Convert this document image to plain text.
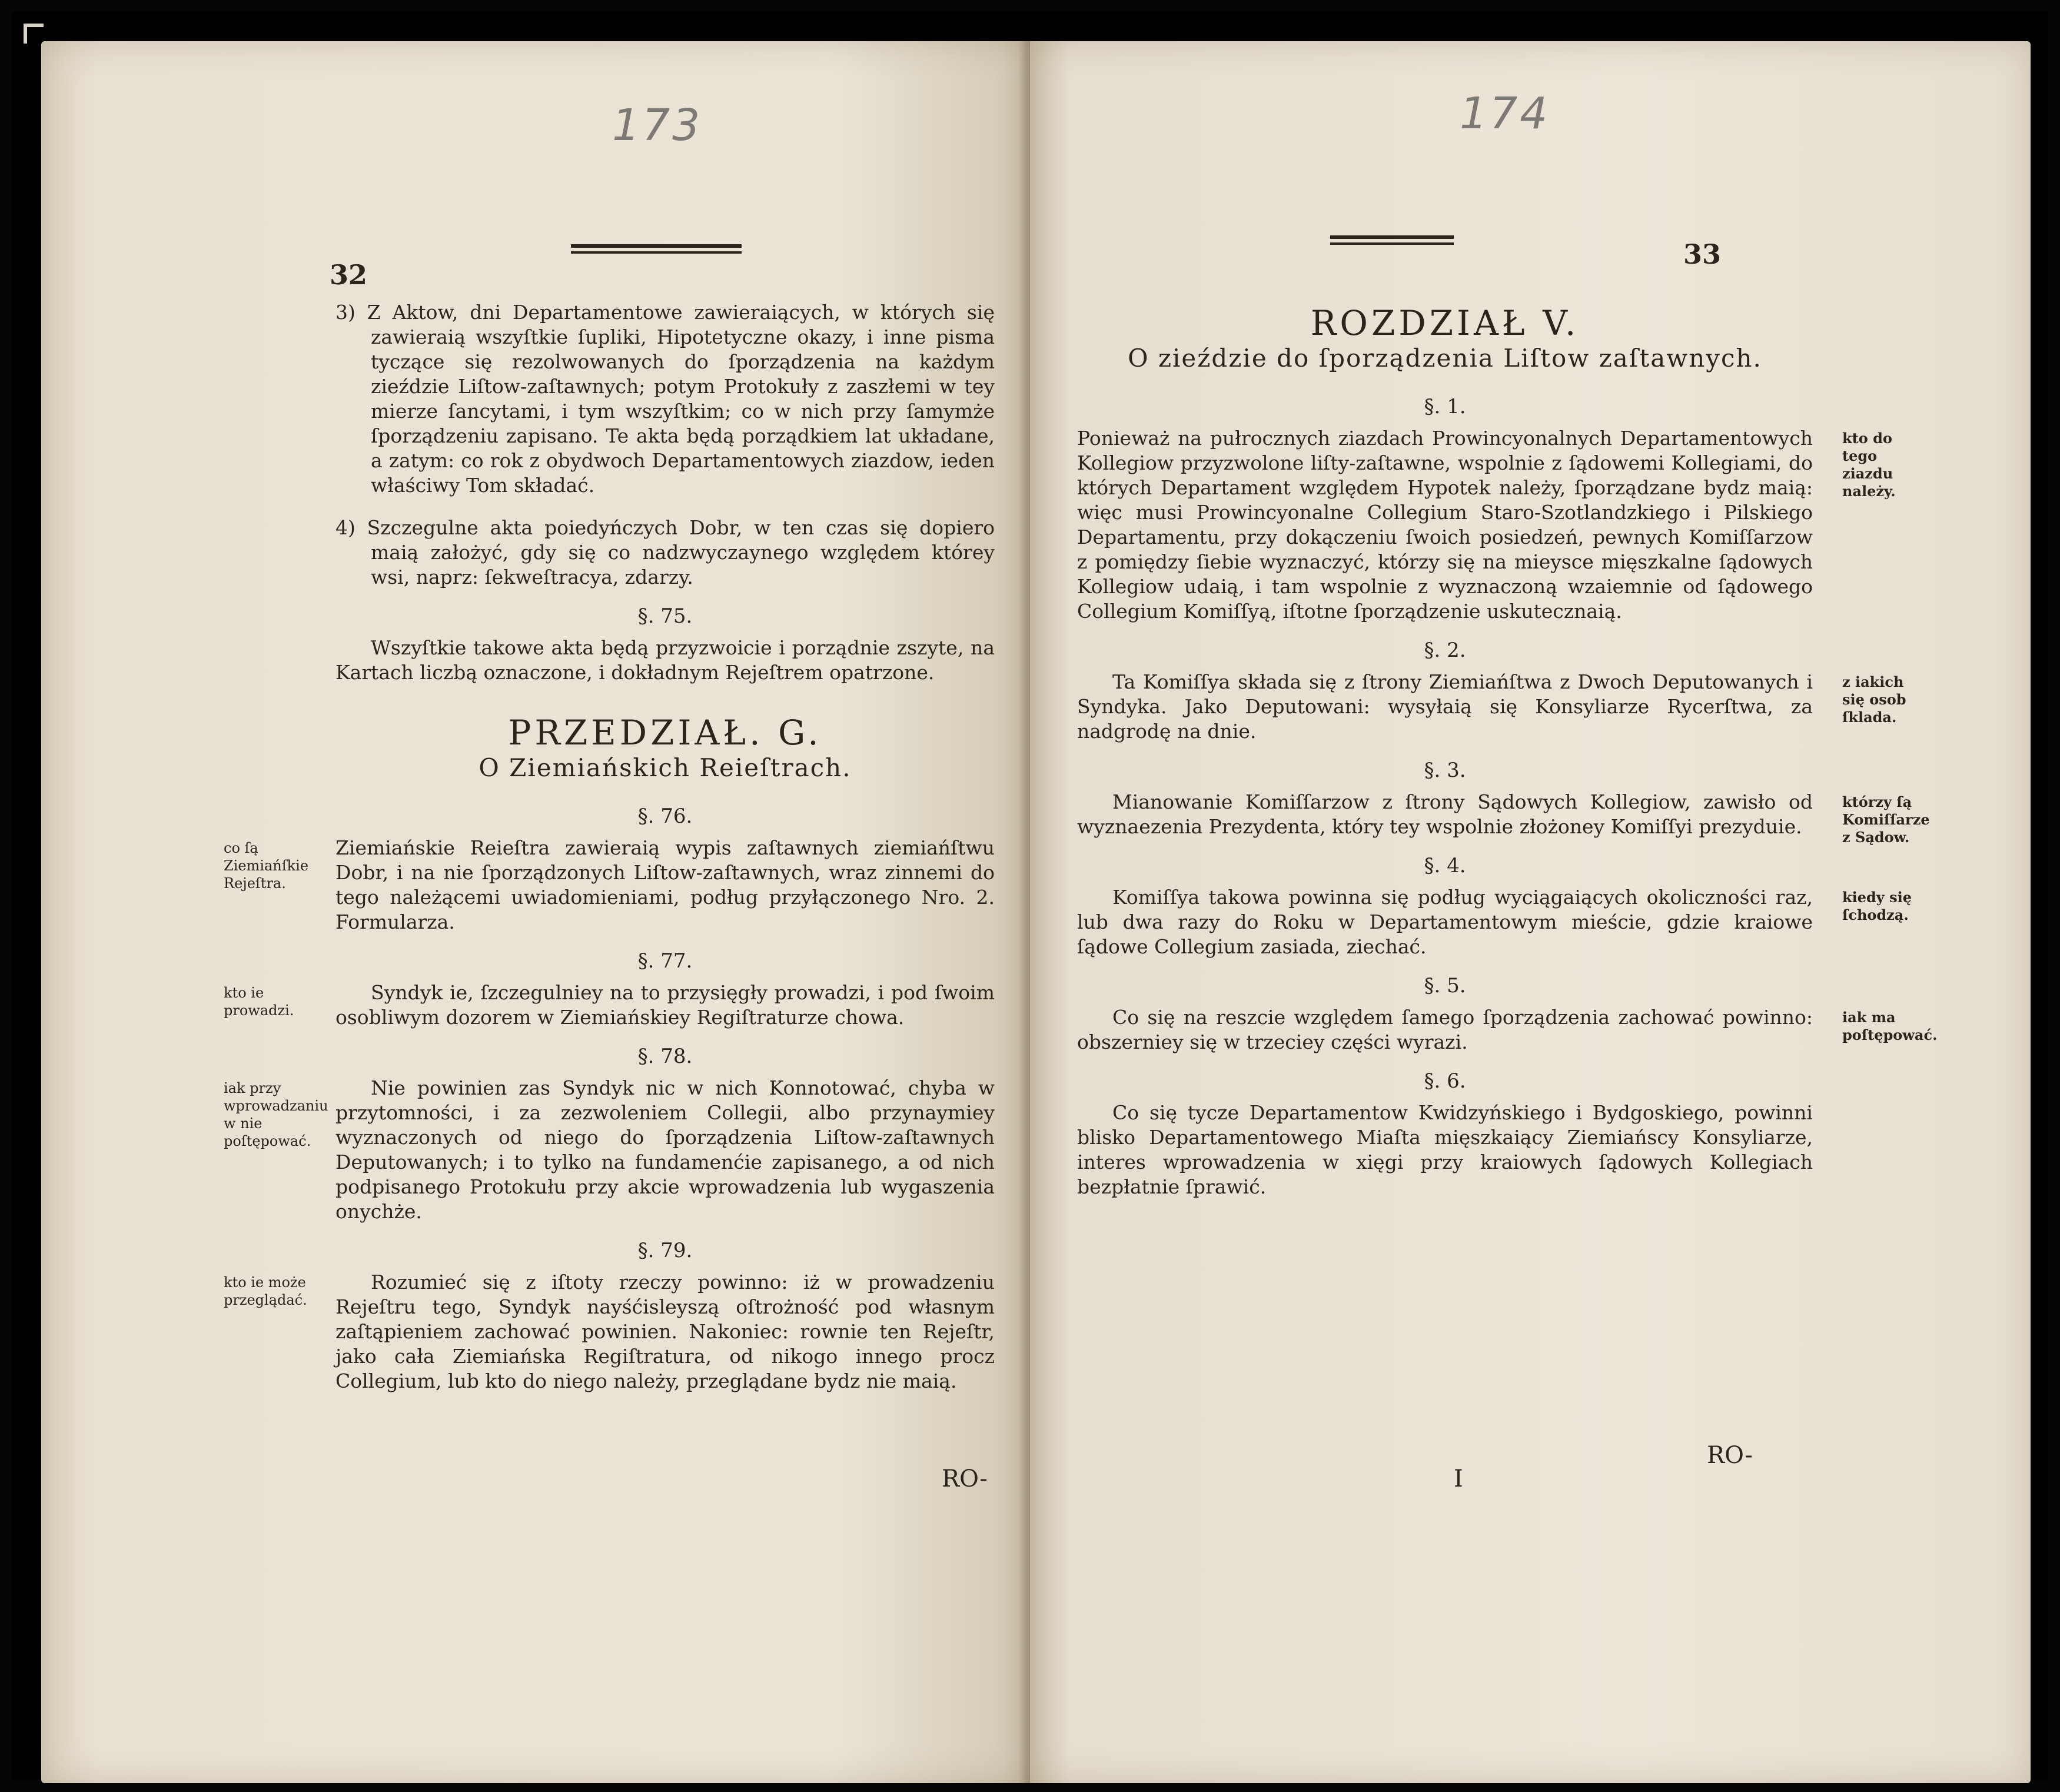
173
32

3) Z Aktow, dni Departamentowe zawieraiących, w których się zawieraią wszyſtkie ſupliki, Hipotetyczne okazy, i inne pisma tyczące się rezolwowanych do ſporządzenia na każdym zieździe Liſtow-zaſtawnych; potym Protokuły z zaszłemi w tey mierze ſancytami, i tym wszyſtkim; co w nich przy ſamymże ſporządzeniu zapisano. Te akta będą porządkiem lat układane, a zatym: co rok z obydwoch Departamentowych ziazdow, ieden właściwy Tom składać.

4) Szczegulne akta poiedyńczych Dobr, w ten czas się dopiero maią założyć, gdy się co nadzwyczaynego względem którey wsi, naprz: ſekweſtracya, zdarzy.

§. 75.

Wszyſtkie takowe akta będą przyzwoicie i porządnie zszyte, na Kartach liczbą oznaczone, i dokładnym Rejeſtrem opatrzone.

PRZEDZIAŁ. G.
O Ziemiańskich Reieſtrach.
§. 76.
co ſą Ziemiańſkie Rejeſtra.

Ziemiańskie Reieſtra zawieraią wypis zaſtawnych ziemiańſtwu Dobr, i na nie ſporządzonych Liſtow-zaſtawnych, wraz zinnemi do tego należącemi uwiadomieniami, podług przyłączonego Nro. 2. Formularza.

§. 77.
kto ie prowadzi.

Syndyk ie, ſzczegulniey na to przysięgły prowadzi, i pod ſwoim osobliwym dozorem w Ziemiańskiey Regiſtraturze chowa.

§. 78.
iak przy wprowadzaniu w nie poſtępować.

Nie powinien zas Syndyk nic w nich Konnotować, chyba w przytomności, i za zezwoleniem Collegii, albo przynaymiey wyznaczonych od niego do ſporządzenia Liſtow-zaſtawnych Deputowanych; i to tylko na fundamenćie zapisanego, a od nich podpisanego Protokułu przy akcie wprowadzenia lub wygaszenia onychże.

§. 79.
kto ie może przeglądać.

Rozumieć się z iſtoty rzeczy powinno: iż w prowadzeniu Rejeſtru tego, Syndyk nayśćisleyszą oſtrożność pod własnym zaſtąpieniem zachować powinien. Nakoniec: rownie ten Rejeſtr, jako cała Ziemiańska Regiſtratura, od nikogo innego procz Collegium, lub kto do niego należy, przeglądane bydz nie maią.

RO-
174
33
ROZDZIAŁ V.
O zieździe do ſporządzenia Liſtow zaſtawnych.
§. 1.
kto do tego ziazdu należy.

Ponieważ na pułrocznych ziazdach Prowincyonalnych Departamentowych Kollegiow przyzwolone liſty-zaſtawne, wspolnie z ſądowemi Kollegiami, do których Departament względem Hypotek należy, ſporządzane bydz maią: więc musi Prowincyonalne Collegium Staro-Szotlandzkiego i Pilskiego Departamentu, przy dokączeniu ſwoich posiedzeń, pewnych Komiſſarzow z pomiędzy ſiebie wyznaczyć, którzy się na mieysce mięszkalne ſądowych Kollegiow udaią, i tam wspolnie z wyznaczoną wzaiemnie od ſądowego Collegium Komiſſyą, iſtotne ſporządzenie uskutecznaią.

§. 2.
z iakich się osob ſklada.

Ta Komiſſya składa się z ſtrony Ziemiańſtwa z Dwoch Deputowanych i Syndyka. Jako Deputowani: wysyłaią się Konsyliarze Rycerſtwa, za nadgrodę na dnie.

§. 3.
którzy ſą Komiſſarze z Sądow.

Mianowanie Komiſſarzow z ſtrony Sądowych Kollegiow, zawisło od wyznaezenia Prezydenta, który tey wspolnie złożoney Komiſſyi prezyduie.

§. 4.
kiedy się ſchodzą.

Komiſſya takowa powinna się podług wyciągaiących okoliczności raz, lub dwa razy do Roku w Departamentowym mieście, gdzie kraiowe ſądowe Collegium zasiada, ziechać.

§. 5.
iak ma poſtępować.

Co się na reszcie względem ſamego ſporządzenia zachować powinno: obszerniey się w trzeciey części wyrazi.

§. 6.

Co się tycze Departamentow Kwidzyńskiego i Bydgoskiego, powinni blisko Departamentowego Miaſta mięszkaiący Ziemiańscy Konsyliarze, interes wprowadzenia w xięgi przy kraiowych ſądowych Kollegiach bezpłatnie ſprawić.

I
RO-
